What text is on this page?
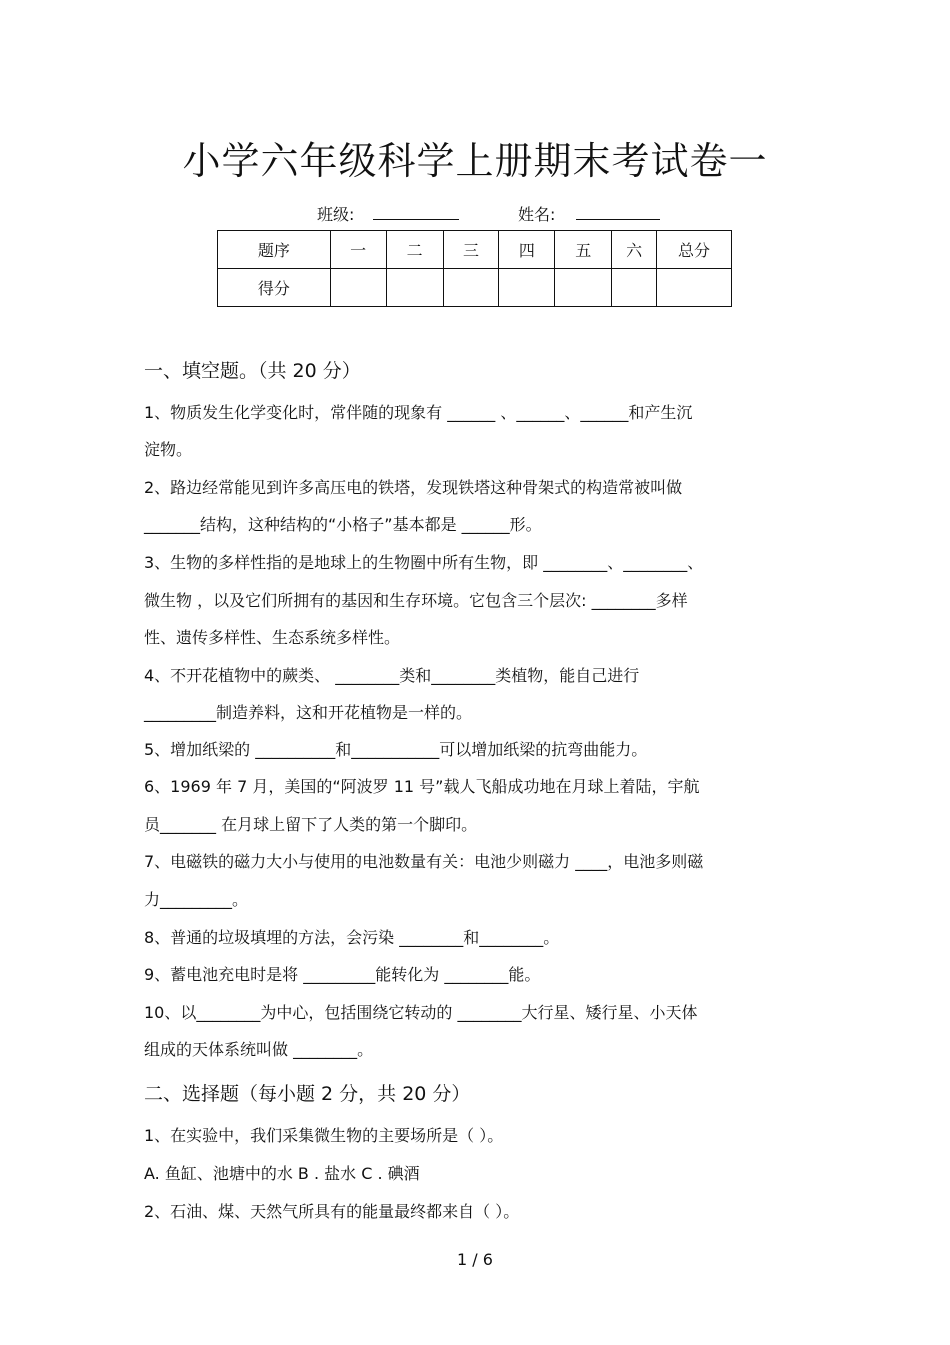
小学六年级科学上册期末考试卷一
班级:	姓名:
题序	一	二	三	四	五	六	总分
得分							
一、填空题。（共 20 分）
1、物质发生化学变化时，常伴随的现象有 ______ 、______、______和产生沉
淀物。
2、路边经常能见到许多高压电的铁塔，发现铁塔这种骨架式的构造常被叫做
_______结构，这种结构的“小格子”基本都是 ______形。
3、生物的多样性指的是地球上的生物圈中所有生物，即 ________、________、
微生物 ，以及它们所拥有的基因和生存环境。它包含三个层次: ________多样
性、遗传多样性、生态系统多样性。
4、不开花植物中的蕨类、 ________类和________类植物，能自己进行
_________制造养料，这和开花植物是一样的。
5、增加纸梁的 __________和___________可以增加纸梁的抗弯曲能力。
6、1969 年 7 月，美国的“阿波罗 11 号”载人飞船成功地在月球上着陆，宇航
员_______ 在月球上留下了人类的第一个脚印。
7、电磁铁的磁力大小与使用的电池数量有关：电池少则磁力 ____，电池多则磁
力_________。
8、普通的垃圾填埋的方法，会污染 ________和________。
9、蓄电池充电时是将 _________能转化为 ________能。
10、以________为中心，包括围绕它转动的 ________大行星、矮行星、小天体
组成的天体系统叫做 ________。
二、选择题（每小题 2 分，共 20 分）
1、在实验中，我们采集微生物的主要场所是（ ）。
A. 鱼缸、池塘中的水 B . 盐水 C . 碘酒
2、石油、煤、天然气所具有的能量最终都来自（ ）。
1 / 6
